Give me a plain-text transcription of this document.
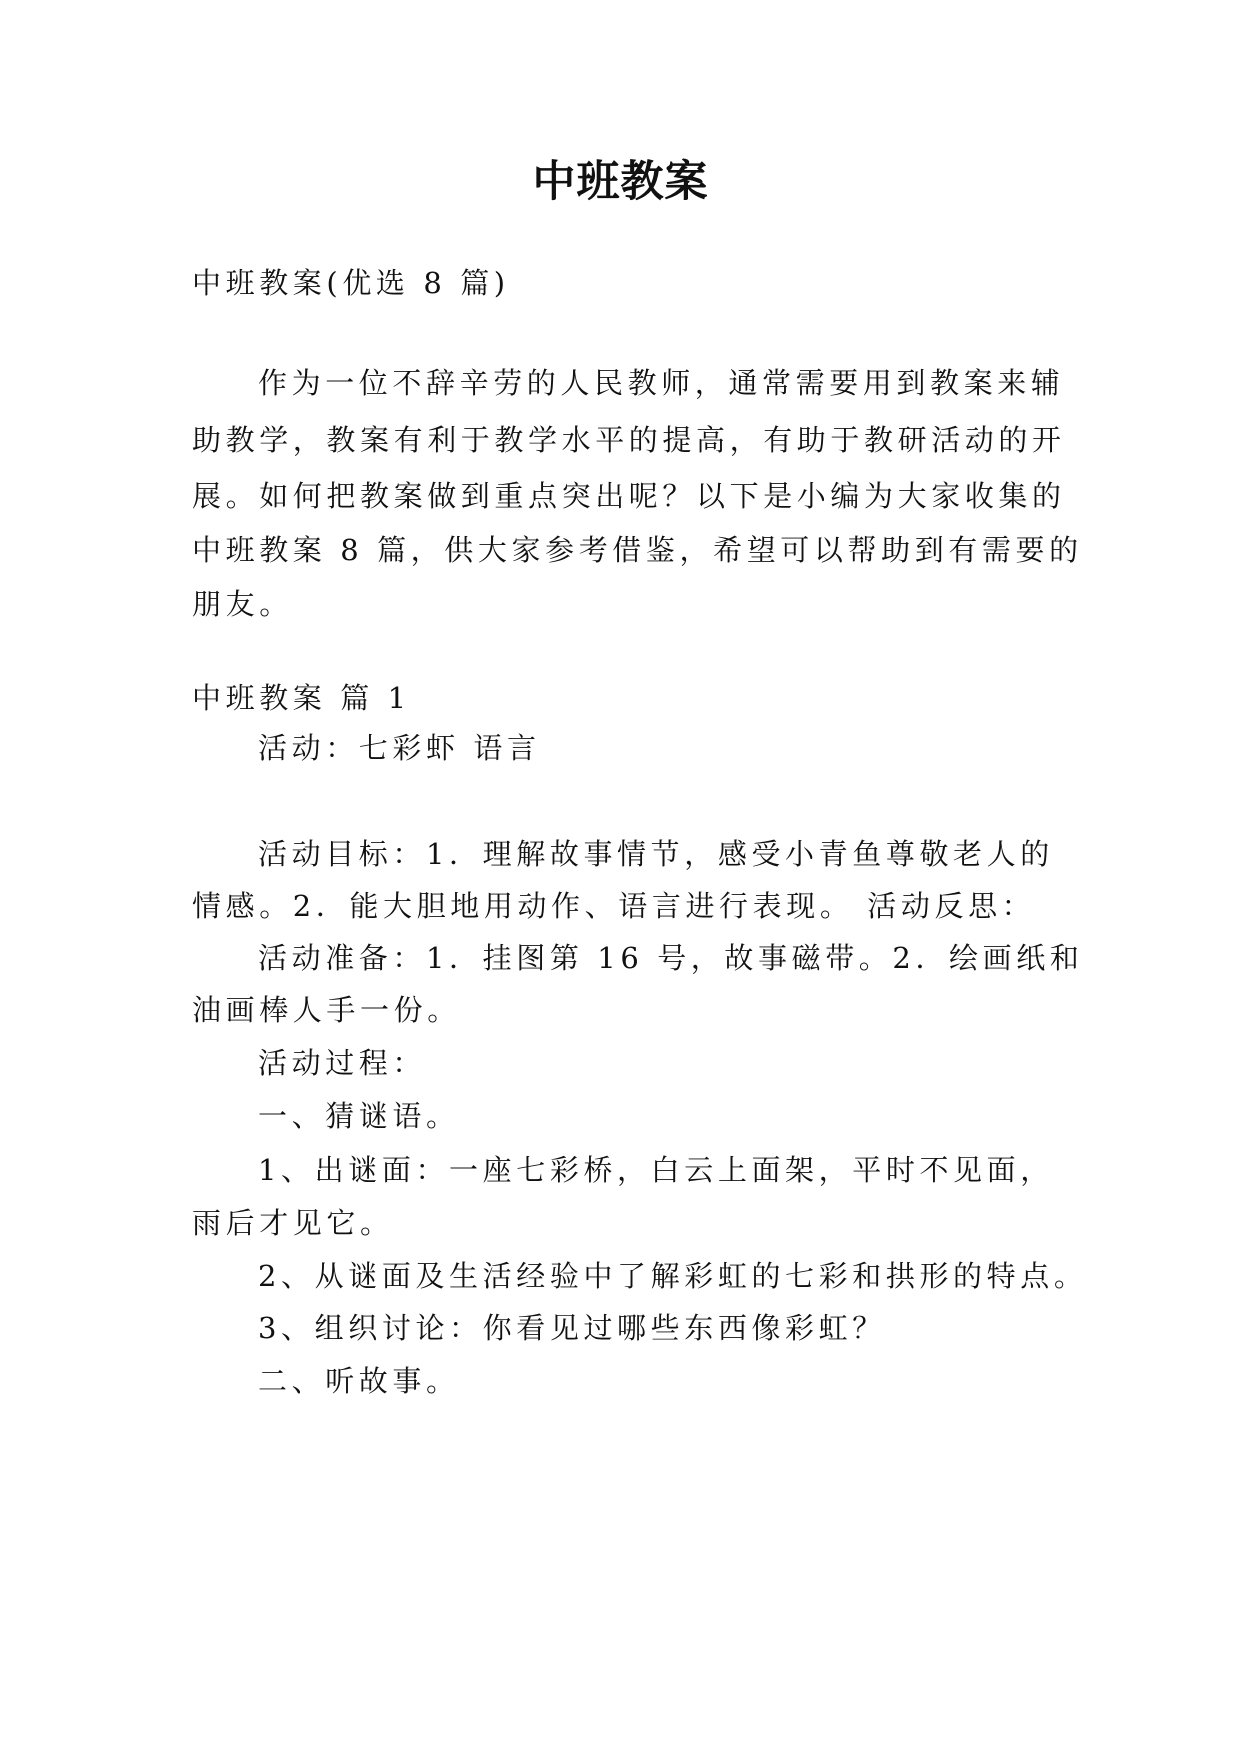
中班教案

中班教案(优选 8 篇)

作为一位不辞辛劳的人民教师，通常需要用到教案来辅

助教学，教案有利于教学水平的提高，有助于教研活动的开

展。如何把教案做到重点突出呢？以下是小编为大家收集的

中班教案 8 篇，供大家参考借鉴，希望可以帮助到有需要的

朋友。

中班教案 篇 1

活动：七彩虾 语言

活动目标：1．理解故事情节，感受小青鱼尊敬老人的

情感。2．能大胆地用动作、语言进行表现。 活动反思：

活动准备：1．挂图第 16 号，故事磁带。2．绘画纸和

油画棒人手一份。

活动过程：

一、猜谜语。

1、出谜面：一座七彩桥，白云上面架，平时不见面，

雨后才见它。

2、从谜面及生活经验中了解彩虹的七彩和拱形的特点。

3、组织讨论：你看见过哪些东西像彩虹？

二、听故事。
